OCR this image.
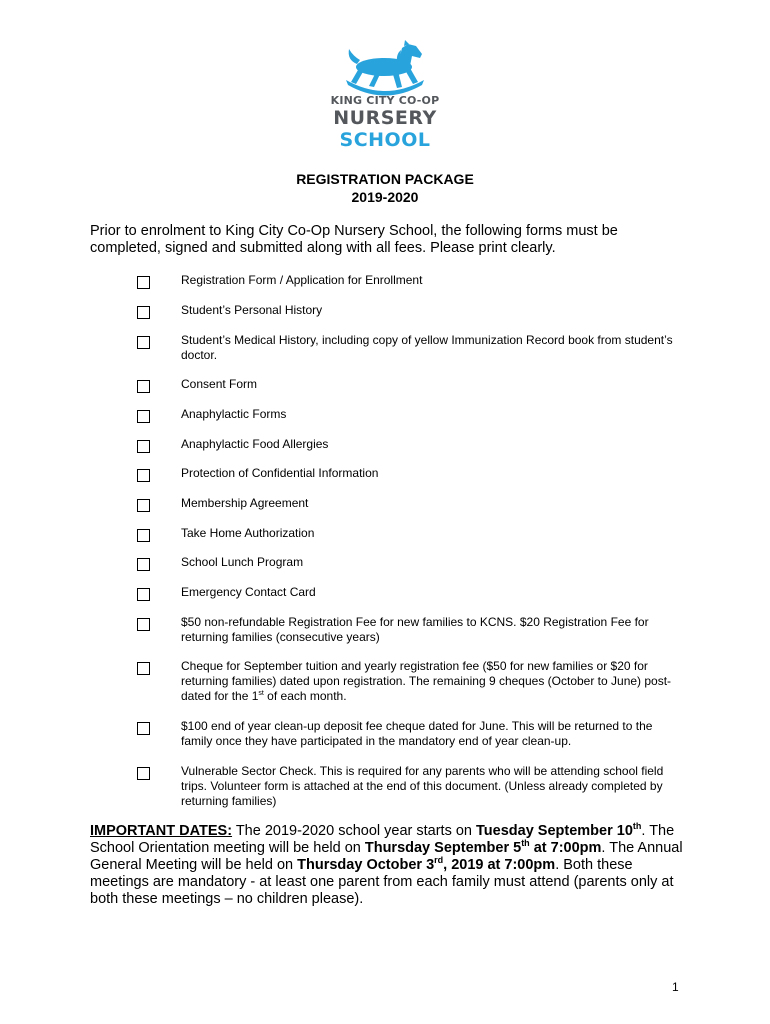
KING CITY CO-OP
NURSERY
SCHOOL
REGISTRATION PACKAGE
2019-2020
Prior to enrolment to King City Co-Op Nursery School, the following forms must be completed, signed and submitted along with all fees. Please print clearly.
Registration Form / Application for Enrollment
Student’s Personal History
Student’s Medical History, including copy of yellow Immunization Record book from student’s doctor.
Consent Form
Anaphylactic Forms
Anaphylactic Food Allergies
Protection of Confidential Information
Membership Agreement
Take Home Authorization
School Lunch Program
Emergency Contact Card
$50 non-refundable Registration Fee for new families to KCNS. $20 Registration Fee for returning families (consecutive years)
Cheque for September tuition and yearly registration fee ($50 for new families or $20 for returning families) dated upon registration. The remaining 9 cheques (October to June) post-dated for the 1st of each month.
$100 end of year clean-up deposit fee cheque dated for June. This will be returned to the family once they have participated in the mandatory end of year clean-up.
Vulnerable Sector Check. This is required for any parents who will be attending school field trips. Volunteer form is attached at the end of this document. (Unless already completed by returning families)
IMPORTANT DATES: The 2019-2020 school year starts on Tuesday September 10th. The School Orientation meeting will be held on Thursday September 5th at 7:00pm. The Annual General Meeting will be held on Thursday October 3rd, 2019 at 7:00pm. Both these meetings are mandatory - at least one parent from each family must attend (parents only at both these meetings – no children please).
1
